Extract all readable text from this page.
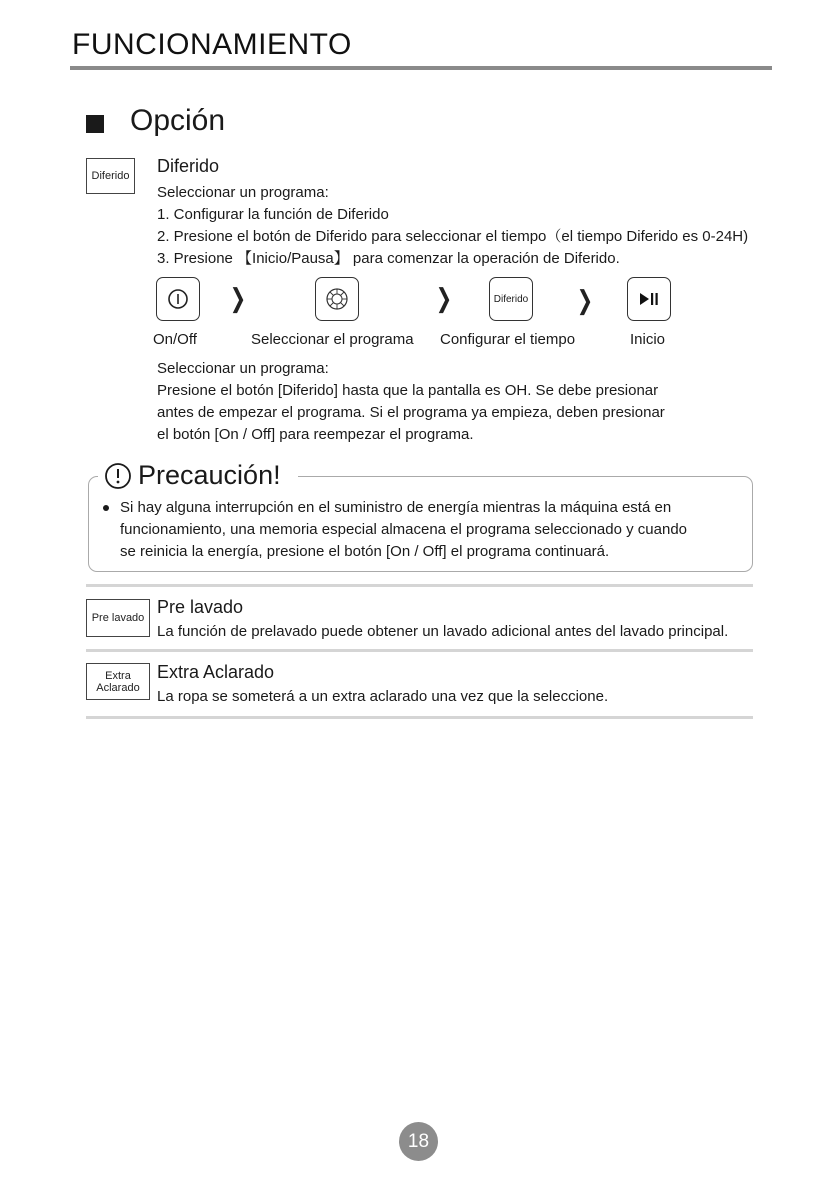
FUNCIONAMIENTO
Opción
Diferido Diferido
Seleccionar un programa:
1. Configurar la función de Diferido
2. Presione el botón de Diferido para seleccionar el tiempo（el tiempo Diferido es 0-24H)
3. Presione 【Inicio/Pausa】 para comenzar la operación de Diferido.
❯	❯	Diferido ❯
On/Off	Seleccionar el programa Configurar el tiempo	Inicio
Seleccionar un programa:
Presione el botón [Diferido] hasta que la pantalla es OH. Se debe presionar
antes de empezar el programa. Si el programa ya empieza, deben presionar
el botón [On / Off] para reempezar el programa.
Precaución!
Si hay alguna interrupción en el suministro de energía mientras la máquina está en
funcionamiento, una memoria especial almacena el programa seleccionado y cuando
se reinicia la energía, presione el botón [On / Off] el programa continuará.
Pre lavado
Pre lavado
La función de prelavado puede obtener un lavado adicional antes del lavado principal.
Extra
Aclarado
Extra Aclarado
La ropa se someterá a un extra aclarado una vez que la seleccione.
18
